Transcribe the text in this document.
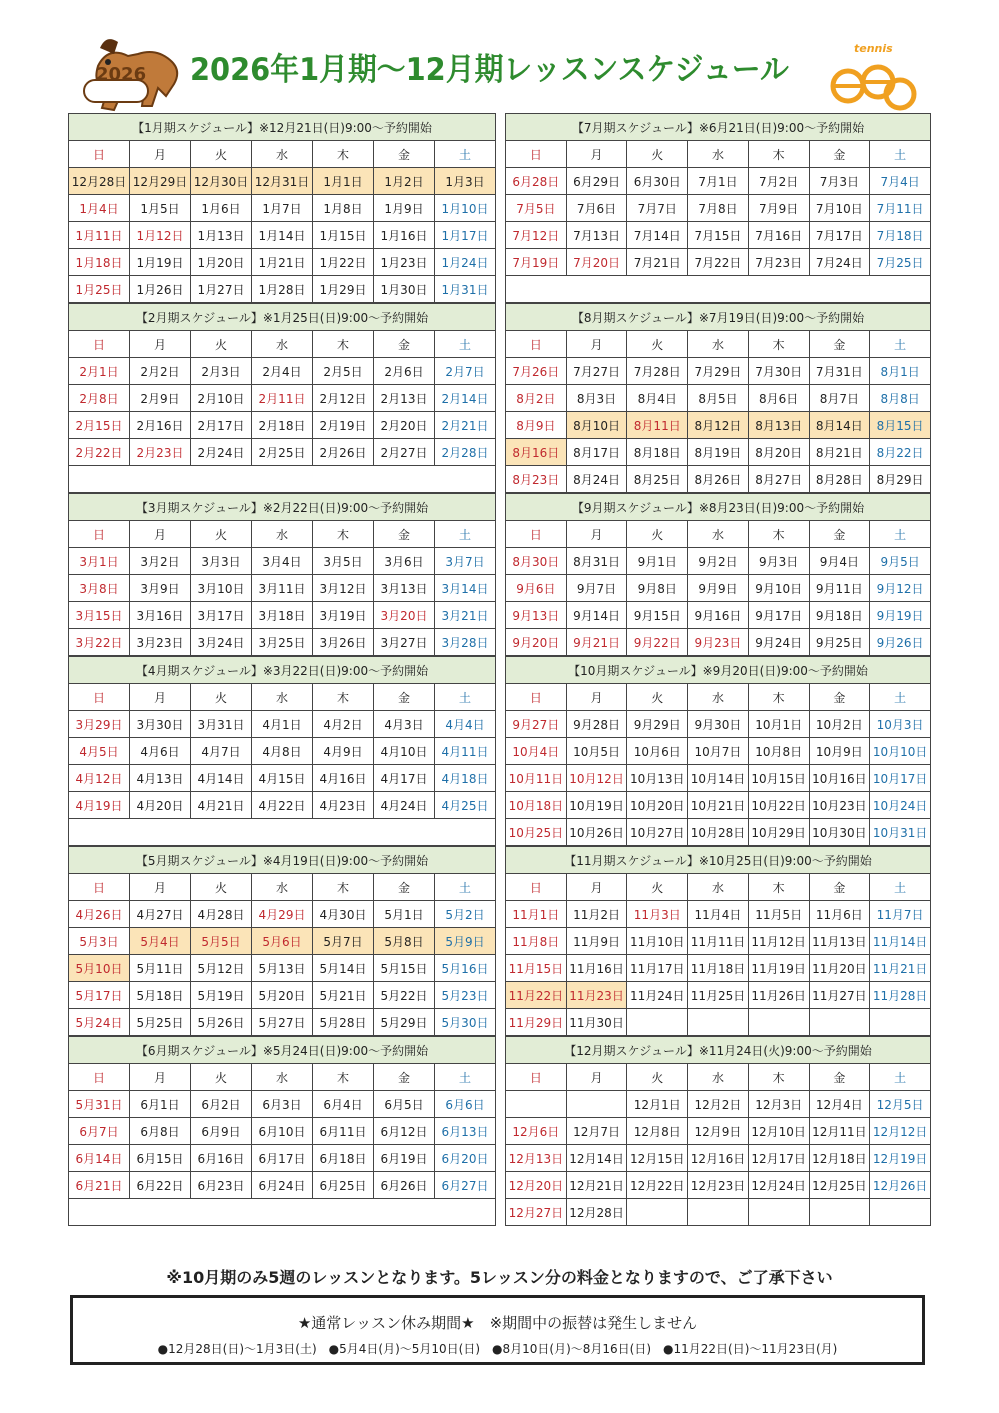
2026 2026年1月期～12月期レッスンスケジュール
tennis
eg
【1月期スケジュール】※12月21日(日)9:00～予約開始						
日	月	火	水	木	金	土
12月28日	12月29日	12月30日	12月31日	1月1日	1月2日	1月3日
1月4日	1月5日	1月6日	1月7日	1月8日	1月9日	1月10日
1月11日	1月12日	1月13日	1月14日	1月15日	1月16日	1月17日
1月18日	1月19日	1月20日	1月21日	1月22日	1月23日	1月24日
1月25日	1月26日	1月27日	1月28日	1月29日	1月30日	1月31日
【2月期スケジュール】※1月25日(日)9:00～予約開始						
日	月	火	水	木	金	土
2月1日	2月2日	2月3日	2月4日	2月5日	2月6日	2月7日
2月8日	2月9日	2月10日	2月11日	2月12日	2月13日	2月14日
2月15日	2月16日	2月17日	2月18日	2月19日	2月20日	2月21日
2月22日	2月23日	2月24日	2月25日	2月26日	2月27日	2月28日

【3月期スケジュール】※2月22日(日)9:00～予約開始						
日	月	火	水	木	金	土
3月1日	3月2日	3月3日	3月4日	3月5日	3月6日	3月7日
3月8日	3月9日	3月10日	3月11日	3月12日	3月13日	3月14日
3月15日	3月16日	3月17日	3月18日	3月19日	3月20日	3月21日
3月22日	3月23日	3月24日	3月25日	3月26日	3月27日	3月28日
【4月期スケジュール】※3月22日(日)9:00～予約開始						
日	月	火	水	木	金	土
3月29日	3月30日	3月31日	4月1日	4月2日	4月3日	4月4日
4月5日	4月6日	4月7日	4月8日	4月9日	4月10日	4月11日
4月12日	4月13日	4月14日	4月15日	4月16日	4月17日	4月18日
4月19日	4月20日	4月21日	4月22日	4月23日	4月24日	4月25日

【5月期スケジュール】※4月19日(日)9:00～予約開始						
日	月	火	水	木	金	土
4月26日	4月27日	4月28日	4月29日	4月30日	5月1日	5月2日
5月3日	5月4日	5月5日	5月6日	5月7日	5月8日	5月9日
5月10日	5月11日	5月12日	5月13日	5月14日	5月15日	5月16日
5月17日	5月18日	5月19日	5月20日	5月21日	5月22日	5月23日
5月24日	5月25日	5月26日	5月27日	5月28日	5月29日	5月30日
【6月期スケジュール】※5月24日(日)9:00～予約開始						
日	月	火	水	木	金	土
5月31日	6月1日	6月2日	6月3日	6月4日	6月5日	6月6日
6月7日	6月8日	6月9日	6月10日	6月11日	6月12日	6月13日
6月14日	6月15日	6月16日	6月17日	6月18日	6月19日	6月20日
6月21日	6月22日	6月23日	6月24日	6月25日	6月26日	6月27日

【7月期スケジュール】※6月21日(日)9:00～予約開始						
日	月	火	水	木	金	土
6月28日	6月29日	6月30日	7月1日	7月2日	7月3日	7月4日
7月5日	7月6日	7月7日	7月8日	7月9日	7月10日	7月11日
7月12日	7月13日	7月14日	7月15日	7月16日	7月17日	7月18日
7月19日	7月20日	7月21日	7月22日	7月23日	7月24日	7月25日

【8月期スケジュール】※7月19日(日)9:00～予約開始						
日	月	火	水	木	金	土
7月26日	7月27日	7月28日	7月29日	7月30日	7月31日	8月1日
8月2日	8月3日	8月4日	8月5日	8月6日	8月7日	8月8日
8月9日	8月10日	8月11日	8月12日	8月13日	8月14日	8月15日
8月16日	8月17日	8月18日	8月19日	8月20日	8月21日	8月22日
8月23日	8月24日	8月25日	8月26日	8月27日	8月28日	8月29日
【9月期スケジュール】※8月23日(日)9:00～予約開始						
日	月	火	水	木	金	土
8月30日	8月31日	9月1日	9月2日	9月3日	9月4日	9月5日
9月6日	9月7日	9月8日	9月9日	9月10日	9月11日	9月12日
9月13日	9月14日	9月15日	9月16日	9月17日	9月18日	9月19日
9月20日	9月21日	9月22日	9月23日	9月24日	9月25日	9月26日
【10月期スケジュール】※9月20日(日)9:00～予約開始						
日	月	火	水	木	金	土
9月27日	9月28日	9月29日	9月30日	10月1日	10月2日	10月3日
10月4日	10月5日	10月6日	10月7日	10月8日	10月9日	10月10日
10月11日	10月12日	10月13日	10月14日	10月15日	10月16日	10月17日
10月18日	10月19日	10月20日	10月21日	10月22日	10月23日	10月24日
10月25日	10月26日	10月27日	10月28日	10月29日	10月30日	10月31日
【11月期スケジュール】※10月25日(日)9:00～予約開始						
日	月	火	水	木	金	土
11月1日	11月2日	11月3日	11月4日	11月5日	11月6日	11月7日
11月8日	11月9日	11月10日	11月11日	11月12日	11月13日	11月14日
11月15日	11月16日	11月17日	11月18日	11月19日	11月20日	11月21日
11月22日	11月23日	11月24日	11月25日	11月26日	11月27日	11月28日
11月29日	11月30日					
【12月期スケジュール】※11月24日(火)9:00～予約開始						
日	月	火	水	木	金	土
		12月1日	12月2日	12月3日	12月4日	12月5日
12月6日	12月7日	12月8日	12月9日	12月10日	12月11日	12月12日
12月13日	12月14日	12月15日	12月16日	12月17日	12月18日	12月19日
12月20日	12月21日	12月22日	12月23日	12月24日	12月25日	12月26日
12月27日	12月28日					
※10月期のみ5週のレッスンとなります。5レッスン分の料金となりますので、ご了承下さい
★通常レッスン休み期間★　※期間中の振替は発生しません
●12月28日(日)～1月3日(土)　●5月4日(月)～5月10日(日)　●8月10日(月)～8月16日(日)　●11月22日(日)～11月23日(月)
